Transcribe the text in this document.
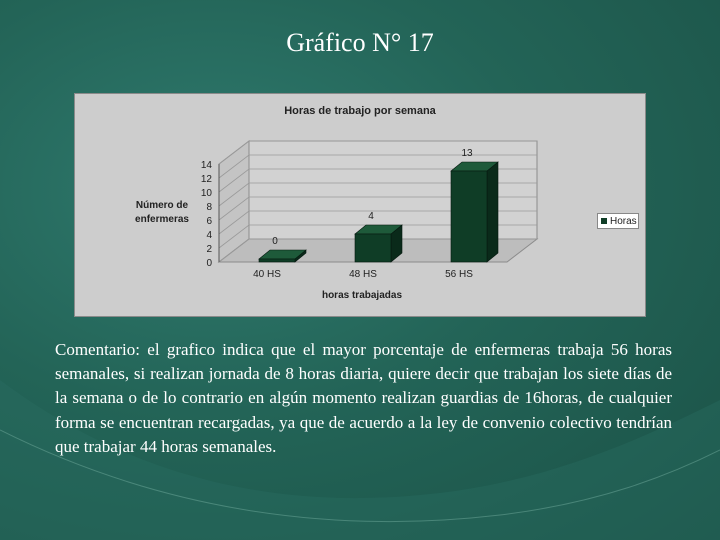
Gráfico N° 17
0
2
4
6
8
10
12
14
0
40 HS
4
48 HS
13
56 HS
Horas de trabajo por semana
horas trabajadas
Número de
enfermeras	Horas

Comentario: el grafico indica que el mayor porcentaje de enfermeras trabaja 56 horas semanales, si realizan jornada de 8 horas diaria, quiere decir que trabajan los siete días de la semana o de lo contrario en algún momento realizan guardias de 16horas, de cualquier forma se encuentran recargadas, ya que de acuerdo a la ley de convenio colectivo tendrían que trabajar 44 horas semanales.
